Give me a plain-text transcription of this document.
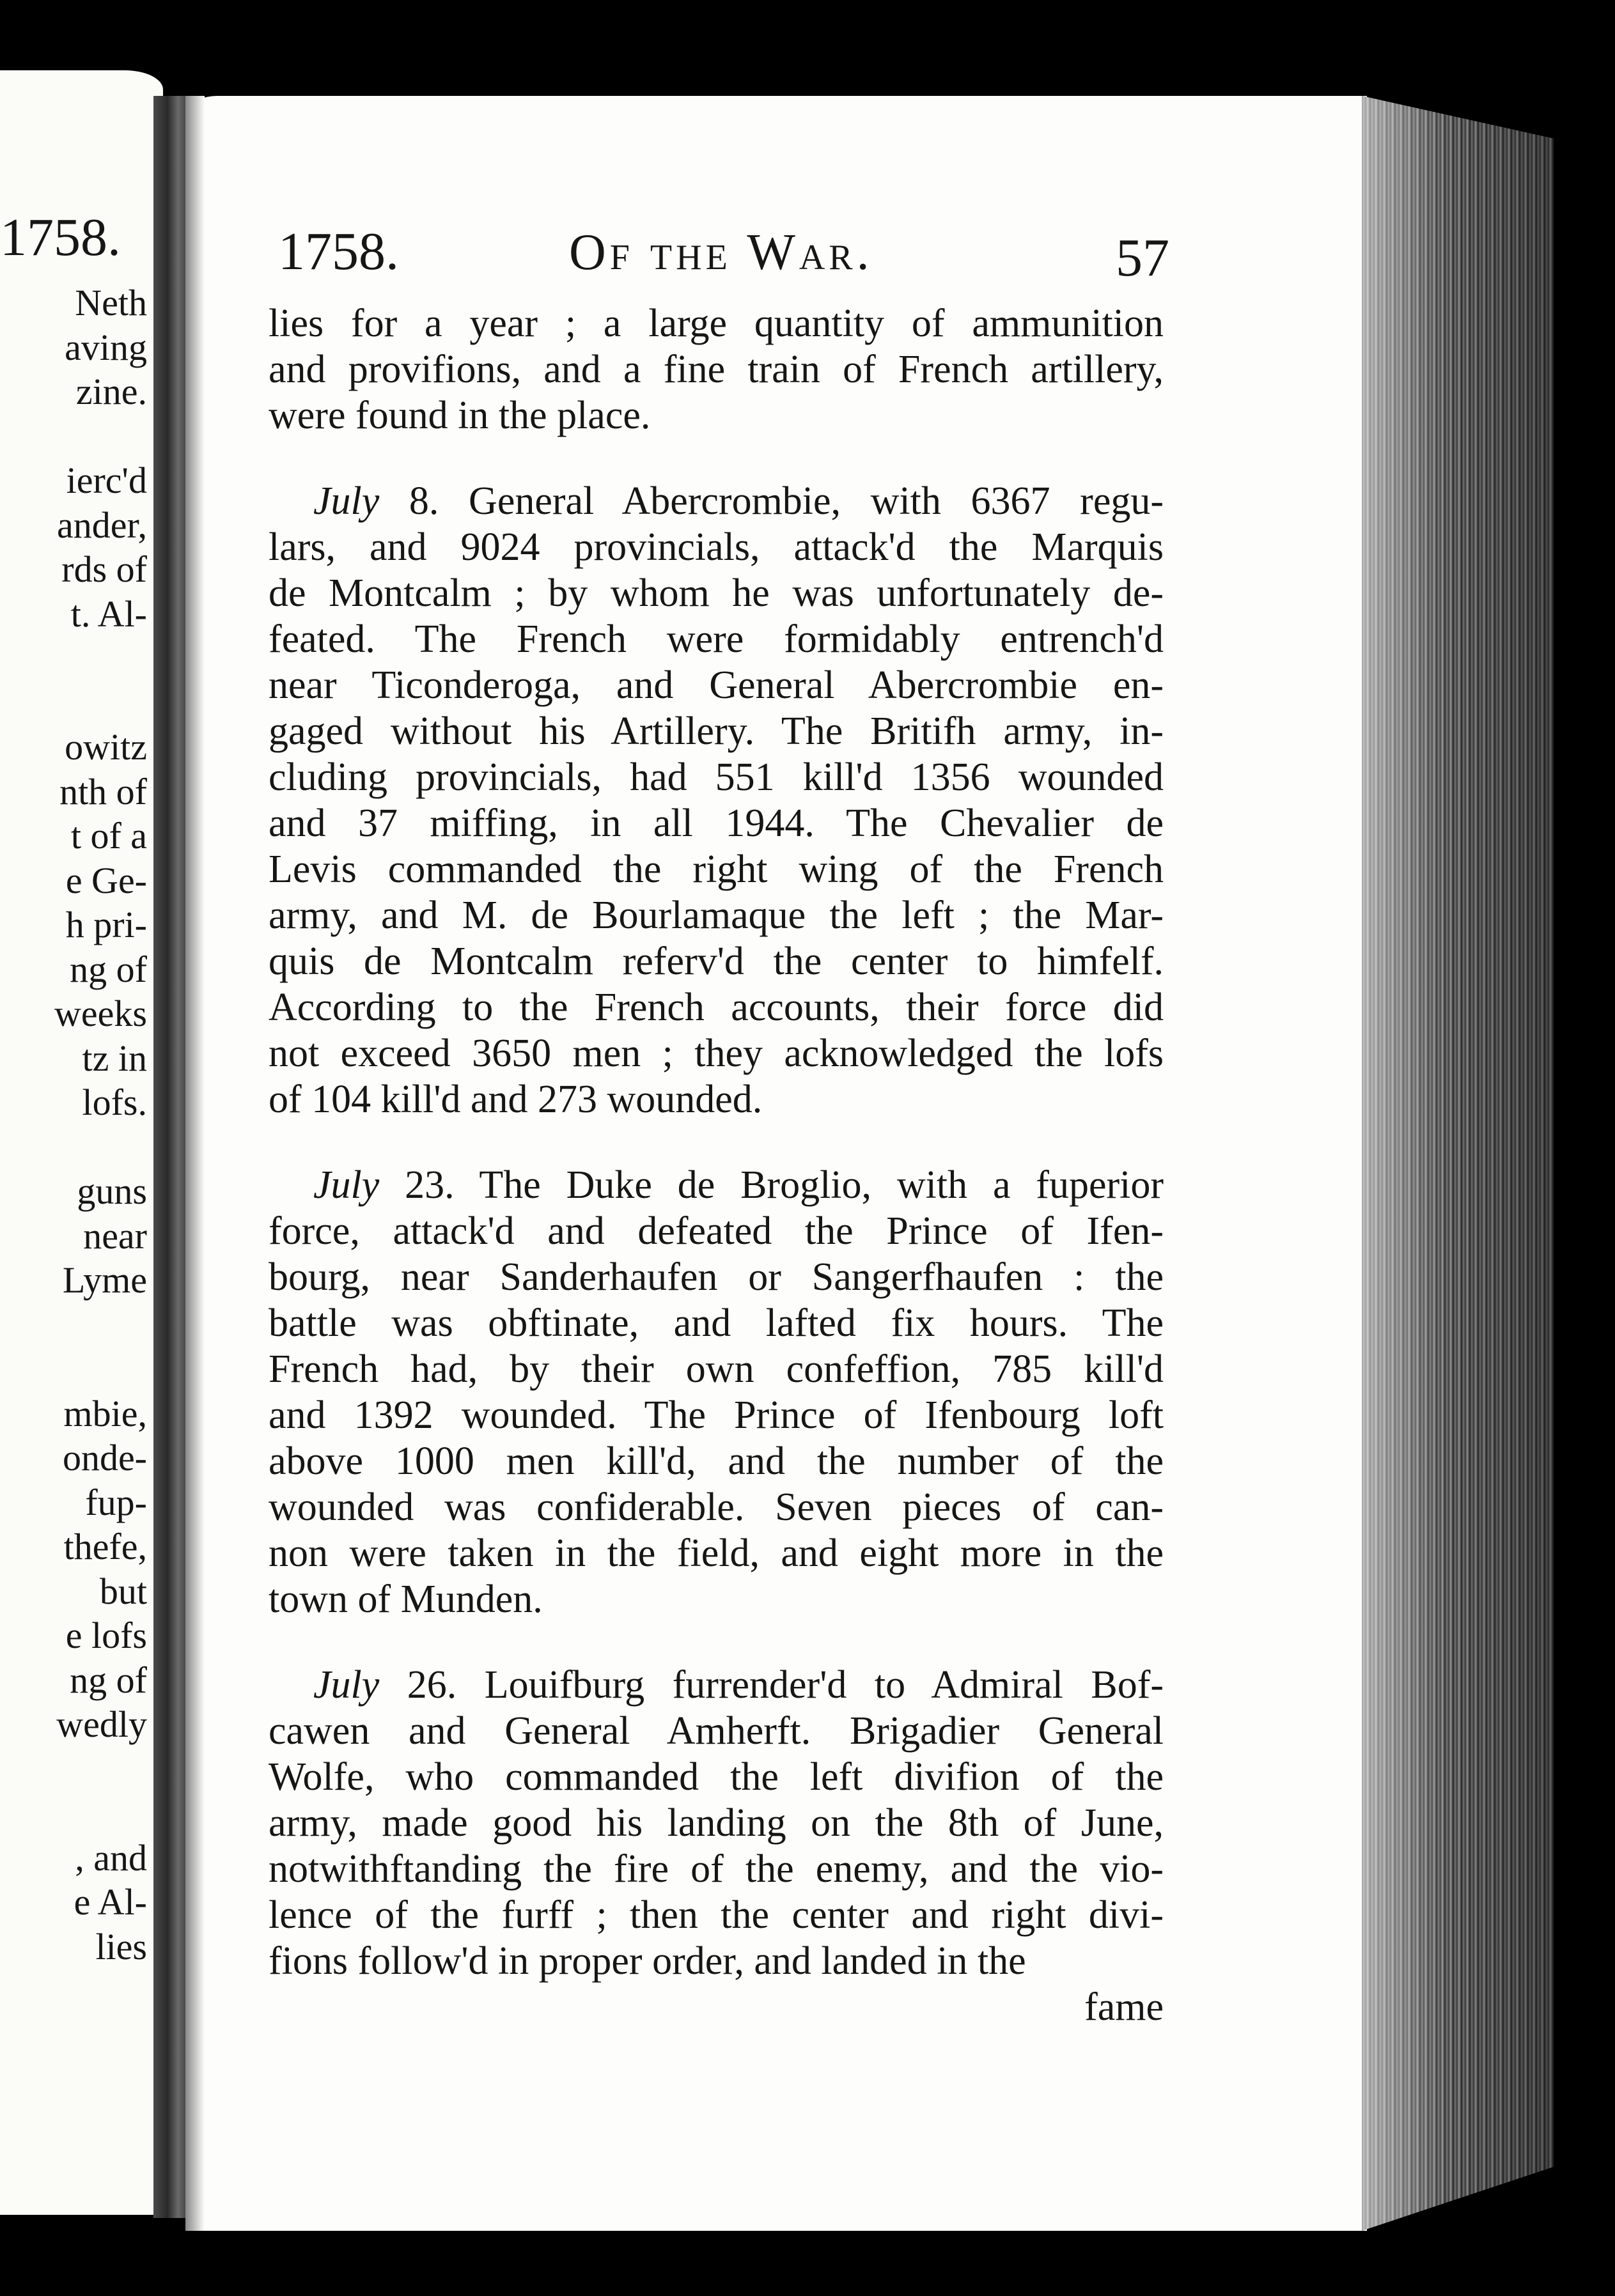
1758.
Neth
aving
zine.
ierc'd
ander,
rds of
t. Al-
owitz
nth of
t of a
e Ge-
h pri-
ng of
weeks
tz in
lofs.
guns
near
Lyme
mbie,
onde-
fup-
thefe,
but
e lofs
ng of
wedly
, and
e Al-
lies
1758.	Of the War.	57
lies for a year ; a large quantity of ammunition
and provifions, and a fine train of French artillery,
were found in the place.
July 8. General Abercrombie, with 6367 regu-
lars, and 9024 provincials, attack'd the Marquis
de Montcalm ; by whom he was unfortunately de-
feated. The French were formidably entrench'd
near Ticonderoga, and General Abercrombie en-
gaged without his Artillery. The Britifh army, in-
cluding provincials, had 551 kill'd 1356 wounded
and 37 miffing, in all 1944. The Chevalier de
Levis commanded the right wing of the French
army, and M. de Bourlamaque the left ; the Mar-
quis de Montcalm referv'd the center to himfelf.
According to the French accounts, their force did
not exceed 3650 men ; they acknowledged the lofs
of 104 kill'd and 273 wounded.
July 23. The Duke de Broglio, with a fuperior
force, attack'd and defeated the Prince of Ifen-
bourg, near Sanderhaufen or Sangerfhaufen : the
battle was obftinate, and lafted fix hours. The
French had, by their own confeffion, 785 kill'd
and 1392 wounded. The Prince of Ifenbourg loft
above 1000 men kill'd, and the number of the
wounded was confiderable. Seven pieces of can-
non were taken in the field, and eight more in the
town of Munden.
July 26. Louifburg furrender'd to Admiral Bof-
cawen and General Amherft. Brigadier General
Wolfe, who commanded the left divifion of the
army, made good his landing on the 8th of June,
notwithftanding the fire of the enemy, and the vio-
lence of the furff ; then the center and right divi-
fions follow'd in proper order, and landed in the
fame
